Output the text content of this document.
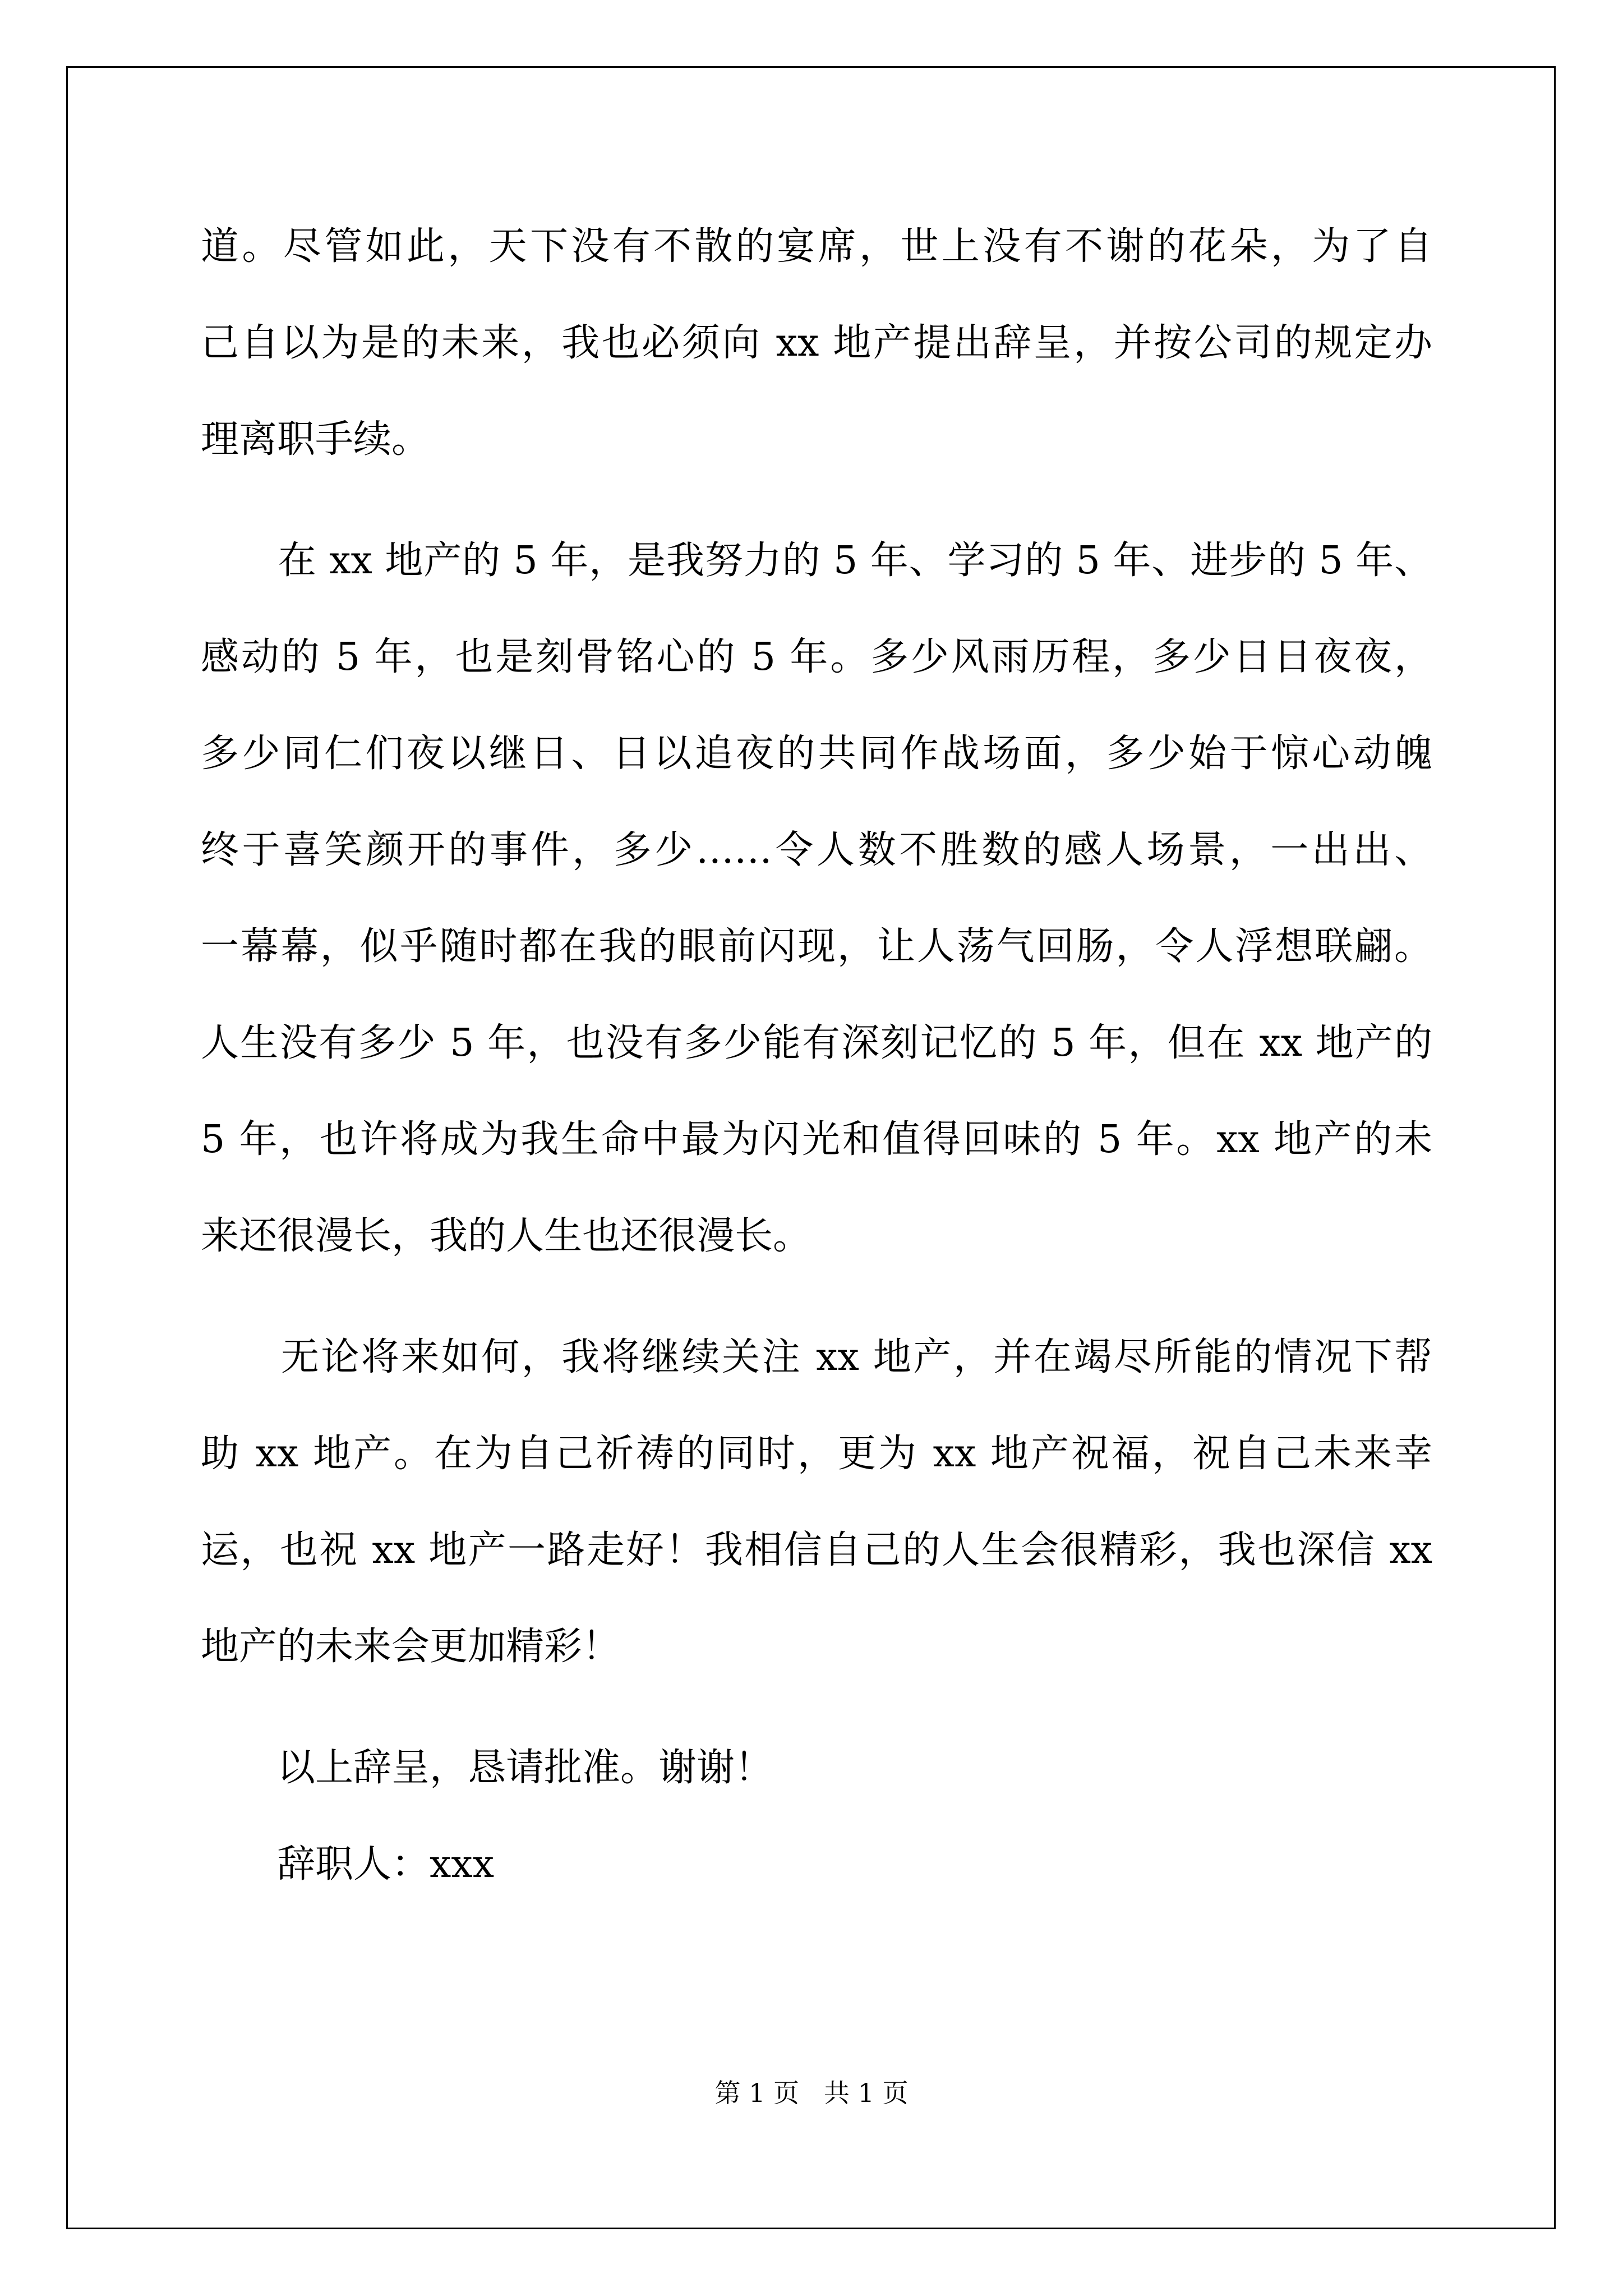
道。尽管如此，天下没有不散的宴席，世上没有不谢的花朵，为了自
己自以为是的未来，我也必须向 xx 地产提出辞呈，并按公司的规定办
理离职手续。
　　在 xx 地产的 5 年，是我努力的 5 年、学习的 5 年、进步的 5 年、
感动的 5 年，也是刻骨铭心的 5 年。多少风雨历程，多少日日夜夜，
多少同仁们夜以继日、日以追夜的共同作战场面，多少始于惊心动魄
终于喜笑颜开的事件，多少……令人数不胜数的感人场景，一出出、
一幕幕，似乎随时都在我的眼前闪现，让人荡气回肠，令人浮想联翩。
人生没有多少 5 年，也没有多少能有深刻记忆的 5 年，但在 xx 地产的
5 年，也许将成为我生命中最为闪光和值得回味的 5 年。xx 地产的未
来还很漫长，我的人生也还很漫长。
　　无论将来如何，我将继续关注 xx 地产，并在竭尽所能的情况下帮
助 xx 地产。在为自己祈祷的同时，更为 xx 地产祝福，祝自己未来幸
运，也祝 xx 地产一路走好！我相信自己的人生会很精彩，我也深信 xx
地产的未来会更加精彩！
　　以上辞呈，恳请批准。谢谢！
　　辞职人：xxx
第 1 页 共 1 页
